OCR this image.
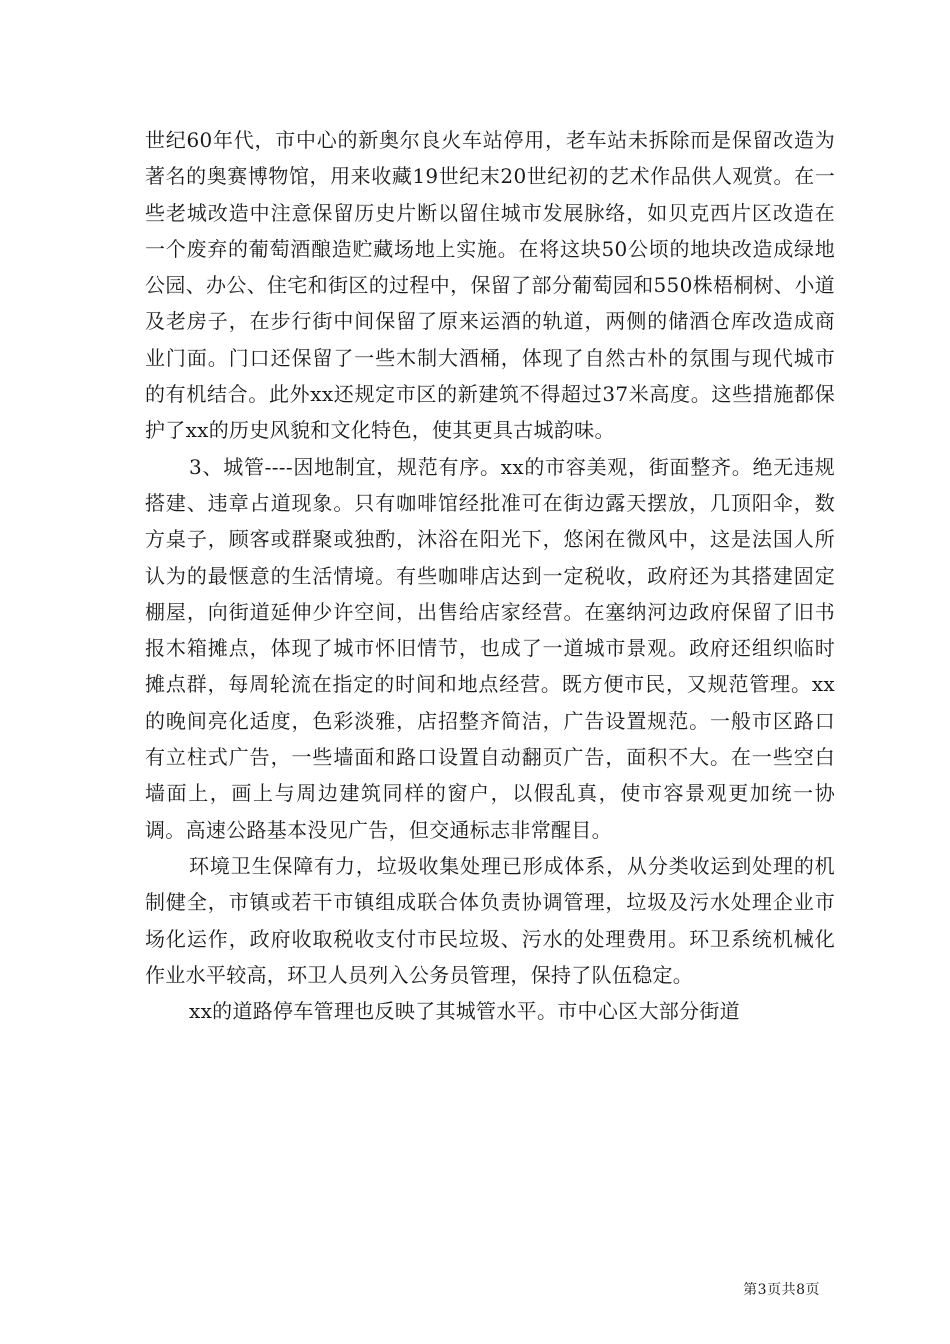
世纪60年代，市中心的新奥尔良火车站停用，老车站未拆除而是保留改造为著名的奥赛博物馆，用来收藏19世纪末20世纪初的艺术作品供人观赏。在一些老城改造中注意保留历史片断以留住城市发展脉络，如贝克西片区改造在一个废弃的葡萄酒酿造贮藏场地上实施。在将这块50公顷的地块改造成绿地公园、办公、住宅和街区的过程中，保留了部分葡萄园和550株梧桐树、小道及老房子，在步行街中间保留了原来运酒的轨道，两侧的储酒仓库改造成商业门面。门口还保留了一些木制大酒桶，体现了自然古朴的氛围与现代城市的有机结合。此外xx还规定市区的新建筑不得超过37米高度。这些措施都保护了xx的历史风貌和文化特色，使其更具古城韵味。

3、城管----因地制宜，规范有序。xx的市容美观，街面整齐。绝无违规搭建、违章占道现象。只有咖啡馆经批准可在街边露天摆放，几顶阳伞，数方桌子，顾客或群聚或独酌，沐浴在阳光下，悠闲在微风中，这是法国人所认为的最惬意的生活情境。有些咖啡店达到一定税收，政府还为其搭建固定棚屋，向街道延伸少许空间，出售给店家经营。在塞纳河边政府保留了旧书报木箱摊点，体现了城市怀旧情节，也成了一道城市景观。政府还组织临时摊点群，每周轮流在指定的时间和地点经营。既方便市民，又规范管理。xx的晚间亮化适度，色彩淡雅，店招整齐简洁，广告设置规范。一般市区路口有立柱式广告，一些墙面和路口设置自动翻页广告，面积不大。在一些空白墙面上，画上与周边建筑同样的窗户，以假乱真，使市容景观更加统一协调。高速公路基本没见广告，但交通标志非常醒目。

环境卫生保障有力，垃圾收集处理已形成体系，从分类收运到处理的机制健全，市镇或若干市镇组成联合体负责协调管理，垃圾及污水处理企业市场化运作，政府收取税收支付市民垃圾、污水的处理费用。环卫系统机械化作业水平较高，环卫人员列入公务员管理，保持了队伍稳定。

xx的道路停车管理也反映了其城管水平。市中心区大部分街道

第3页共8页
